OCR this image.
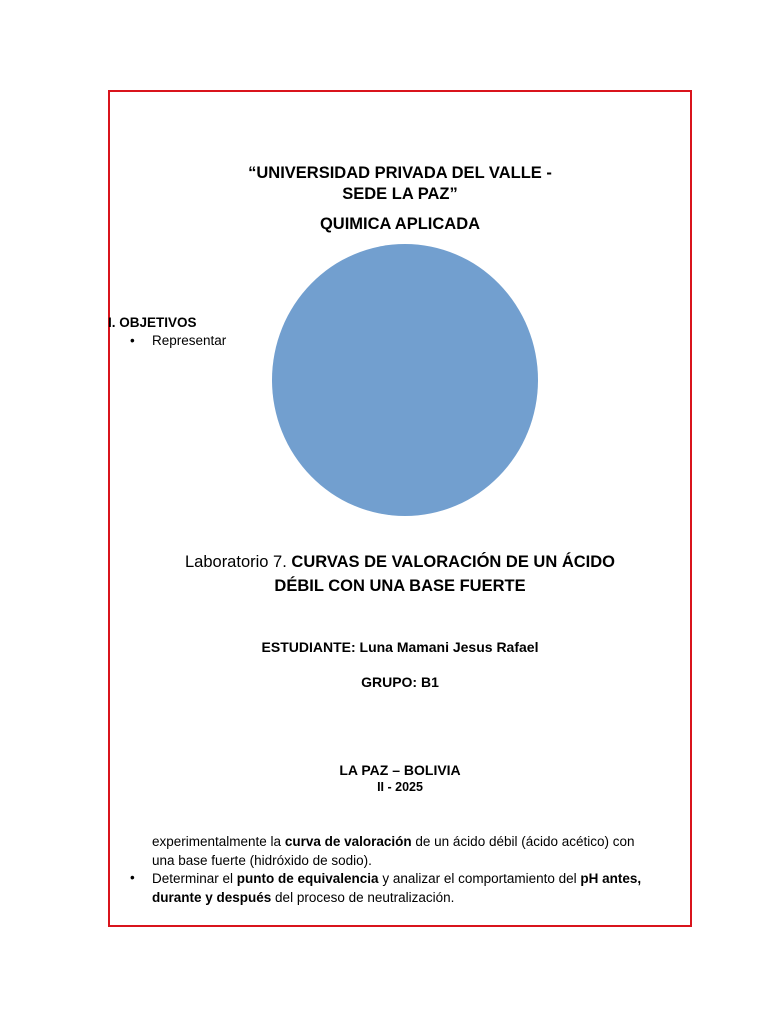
“UNIVERSIDAD PRIVADA DEL VALLE -
SEDE LA PAZ”
QUIMICA APLICADA
I. OBJETIVOS
• Representar
Laboratorio 7. CURVAS DE VALORACIÓN DE UN ÁCIDO
DÉBIL CON UNA BASE FUERTE
ESTUDIANTE: Luna Mamani Jesus Rafael
GRUPO: B1
LA PAZ – BOLIVIA
II - 2025
experimentalmente la curva de valoración de un ácido débil (ácido acético) con
una base fuerte (hidróxido de sodio).
• Determinar el punto de equivalencia y analizar el comportamiento del pH antes,
durante y después del proceso de neutralización.
